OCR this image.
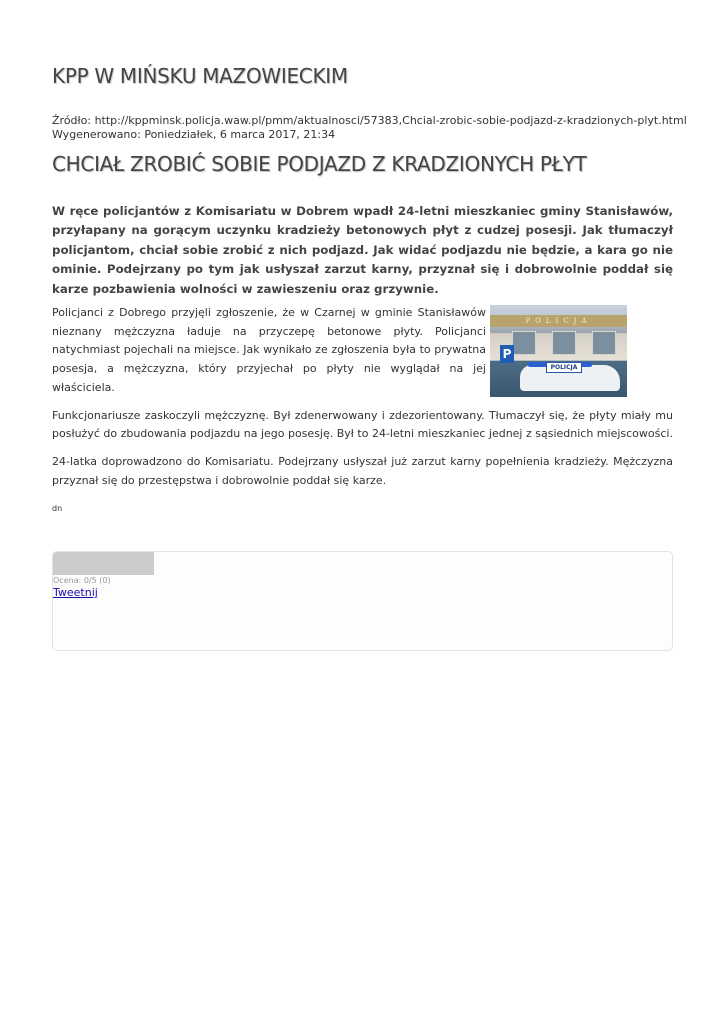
KPP W MIŃSKU MAZOWIECKIM
Źródło: http://kppminsk.policja.waw.pl/pmm/aktualnosci/57383,Chcial-zrobic-sobie-podjazd-z-kradzionych-plyt.html
Wygenerowano: Poniedziałek, 6 marca 2017, 21:34
CHCIAŁ ZROBIĆ SOBIE PODJAZD Z KRADZIONYCH PŁYT

W ręce policjantów z Komisariatu w Dobrem wpadł 24-letni mieszkaniec gminy Stanisławów, przyłapany na gorącym uczynku kradzieży betonowych płyt z cudzej posesji. Jak tłumaczył policjantom, chciał sobie zrobić z nich podjazd. Jak widać podjazdu nie będzie, a kara go nie ominie. Podejrzany po tym jak usłyszał zarzut karny, przyznał się i dobrowolnie poddał się karze pozbawienia wolności w zawieszeniu oraz grzywnie.

POLICJA
P
POLICJA

Policjanci z Dobrego przyjęli zgłoszenie, że w Czarnej w gminie Stanisławów nieznany mężczyzna ładuje na przyczepę betonowe płyty. Policjanci natychmiast pojechali na miejsce. Jak wynikało ze zgłoszenia była to prywatna posesja, a mężczyzna, który przyjechał po płyty nie wyglądał na jej właściciela.

Funkcjonariusze zaskoczyli mężczyznę. Był zdenerwowany i zdezorientowany. Tłumaczył się, że płyty miały mu posłużyć do zbudowania podjazdu na jego posesję. Był to 24-letni mieszkaniec jednej z sąsiednich miejscowości.

24-latka doprowadzono do Komisariatu. Podejrzany usłyszał już zarzut karny popełnienia kradzieży. Mężczyzna przyznał się do przestępstwa i dobrowolnie poddał się karze.

dn
Ocena: 0/5 (0)
Tweetnij
